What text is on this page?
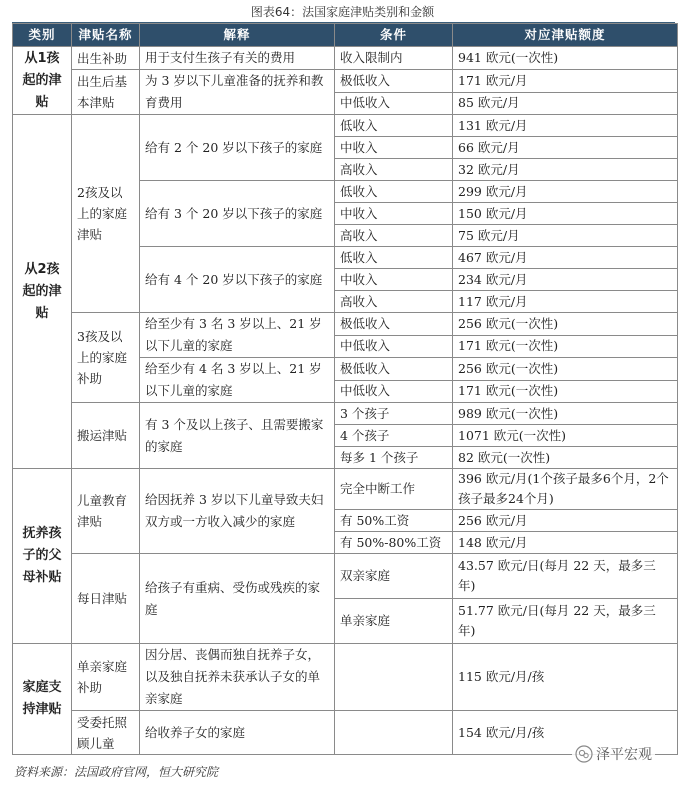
图表64：法国家庭津贴类别和金额
类别	津贴名称	解释	条件	对应津贴额度
从1孩起的津贴	出生补助	用于支付生孩子有关的费用	收入限制内	941 欧元(一次性)
	出生后基本津贴	为 3 岁以下儿童准备的抚养和教育费用	极低收入	171 欧元/月
			中低收入	85 欧元/月
从2孩起的津贴	2孩及以上的家庭津贴	给有 2 个 20 岁以下孩子的家庭	低收入	131 欧元/月
			中收入	66 欧元/月
			高收入	32 欧元/月
		给有 3 个 20 岁以下孩子的家庭	低收入	299 欧元/月
			中收入	150 欧元/月
			高收入	75 欧元/月
		给有 4 个 20 岁以下孩子的家庭	低收入	467 欧元/月
			中收入	234 欧元/月
			高收入	117 欧元/月
	3孩及以上的家庭补助	给至少有 3 名 3 岁以上、21 岁以下儿童的家庭	极低收入	256 欧元(一次性)
			中低收入	171 欧元(一次性)
		给至少有 4 名 3 岁以上、21 岁以下儿童的家庭	极低收入	256 欧元(一次性)
			中低收入	171 欧元(一次性)
	搬运津贴	有 3 个及以上孩子、且需要搬家的家庭	3 个孩子	989 欧元(一次性)
			4 个孩子	1071 欧元(一次性)
			每多 1 个孩子	82 欧元(一次性)
抚养孩子的父母补贴	儿童教育津贴	给因抚养 3 岁以下儿童导致夫妇双方或一方收入减少的家庭	完全中断工作	396 欧元/月(1个孩子最多6个月，2个孩子最多24个月)
			有 50%工资	256 欧元/月
			有 50%-80%工资	148 欧元/月
	每日津贴	给孩子有重病、受伤或残疾的家庭	双亲家庭	43.57 欧元/日(每月 22 天，最多三年)
			单亲家庭	51.77 欧元/日(每月 22 天，最多三年)
家庭支持津贴	单亲家庭补助	因分居、丧偶而独自抚养子女，以及独自抚养未获承认子女的单亲家庭		115 欧元/月/孩
	受委托照顾儿童	给收养子女的家庭		154 欧元/月/孩
泽平宏观
资料来源：法国政府官网，恒大研究院
